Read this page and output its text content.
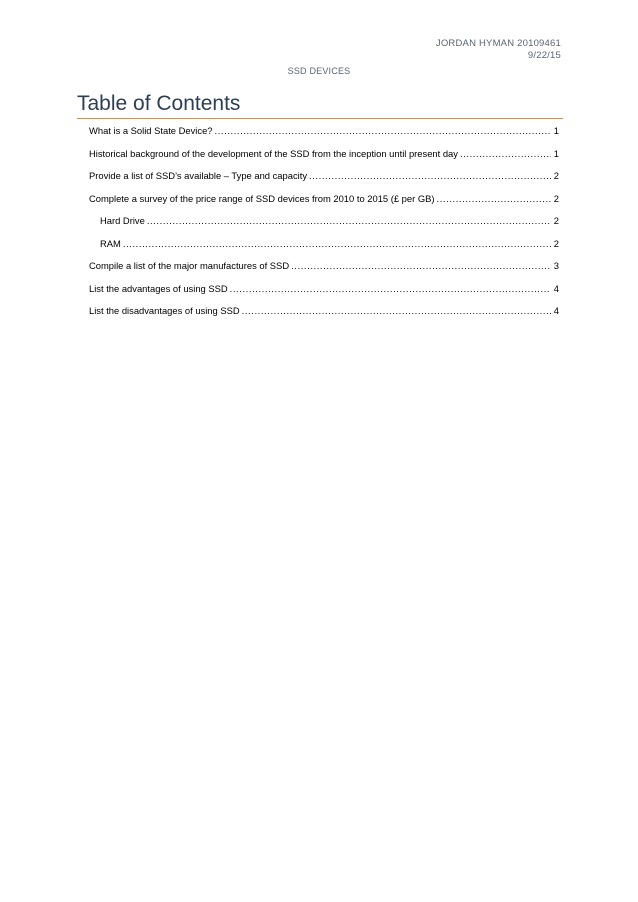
JORDAN HYMAN 20109461
9/22/15
SSD DEVICES
Table of Contents
What is a Solid State Device? .....	1
Historical background of the development of the SSD from the inception until present day .....	1
Provide a list of SSD’s available – Type and capacity .....	2
Complete a survey of the price range of SSD devices from 2010 to 2015 (£ per GB) .....	2
Hard Drive .....	2
RAM .....	2
Compile a list of the major manufactures of SSD .....	3
List the advantages of using SSD .....	4
List the disadvantages of using SSD .....	4
